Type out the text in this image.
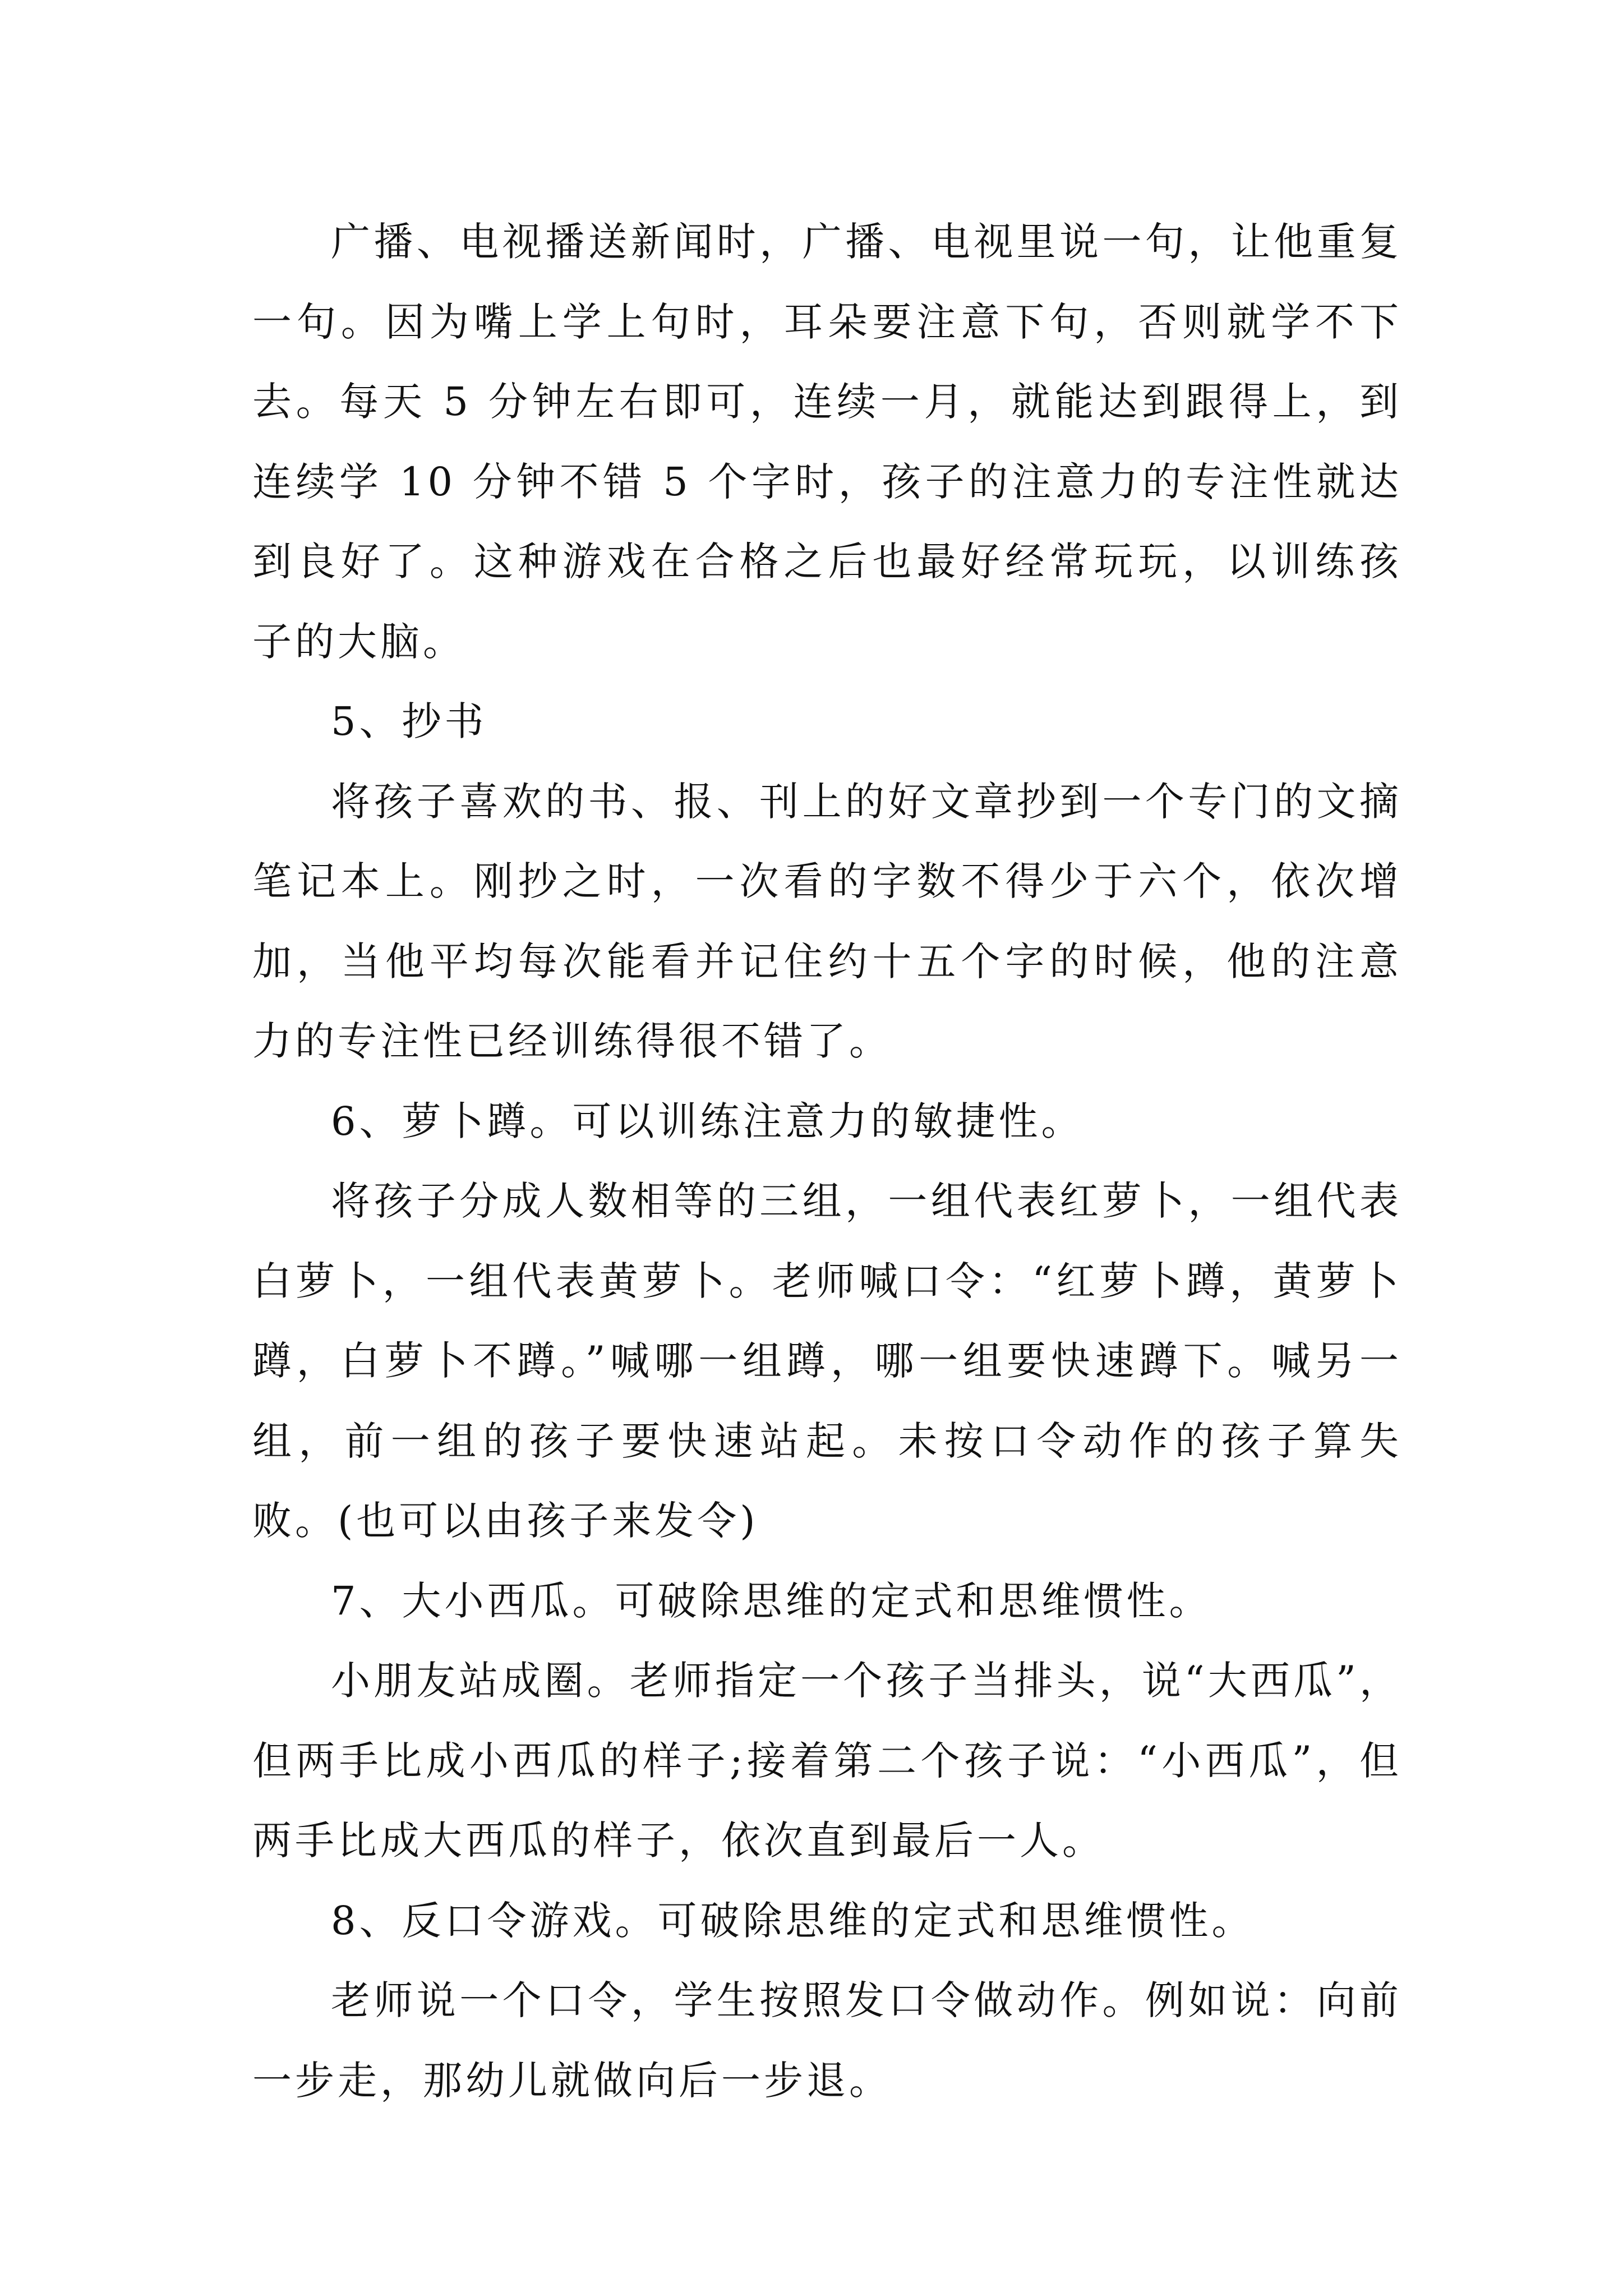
广播、电视播送新闻时，广播、电视里说一句，让他重复一句。因为嘴上学上句时，耳朵要注意下句，否则就学不下去。每天 5 分钟左右即可，连续一月，就能达到跟得上，到连续学 10 分钟不错 5 个字时，孩子的注意力的专注性就达到良好了。这种游戏在合格之后也最好经常玩玩，以训练孩子的大脑。

5、抄书

将孩子喜欢的书、报、刊上的好文章抄到一个专门的文摘笔记本上。刚抄之时，一次看的字数不得少于六个，依次增加，当他平均每次能看并记住约十五个字的时候，他的注意力的专注性已经训练得很不错了。

6、萝卜蹲。可以训练注意力的敏捷性。

将孩子分成人数相等的三组，一组代表红萝卜，一组代表白萝卜，一组代表黄萝卜。老师喊口令：“红萝卜蹲，黄萝卜蹲，白萝卜不蹲。”喊哪一组蹲，哪一组要快速蹲下。喊另一组，前一组的孩子要快速站起。未按口令动作的孩子算失败。(也可以由孩子来发令)

7、大小西瓜。可破除思维的定式和思维惯性。

小朋友站成圈。老师指定一个孩子当排头，说“大西瓜”，但两手比成小西瓜的样子;接着第二个孩子说：“小西瓜”，但两手比成大西瓜的样子，依次直到最后一人。

8、反口令游戏。可破除思维的定式和思维惯性。

老师说一个口令，学生按照发口令做动作。例如说：向前一步走，那幼儿就做向后一步退。
